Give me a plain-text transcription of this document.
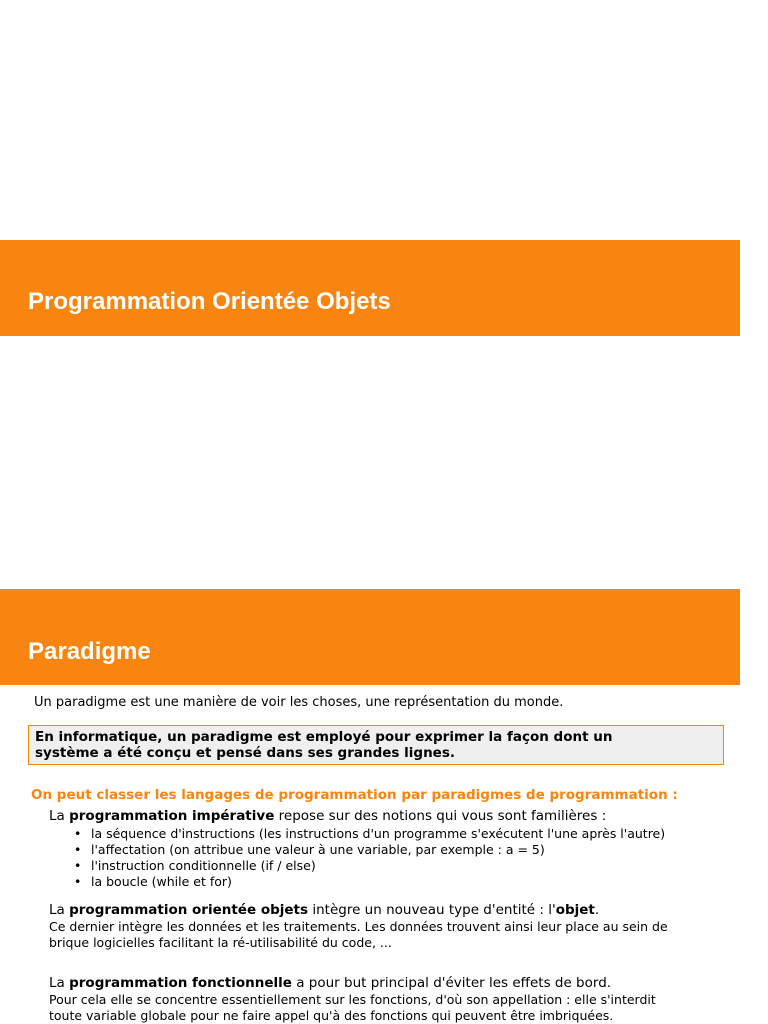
Programmation Orientée Objets
Paradigme
Un paradigme est une manière de voir les choses, une représentation du monde.
En informatique, un paradigme est employé pour exprimer la façon dont un
système a été conçu et pensé dans ses grandes lignes.
On peut classer les langages de programmation par paradigmes de programmation :
La programmation impérative repose sur des notions qui vous sont familières :
• la séquence d'instructions (les instructions d'un programme s'exécutent l'une après l'autre)
• l'affectation (on attribue une valeur à une variable, par exemple : a = 5)
• l'instruction conditionnelle (if / else)
• la boucle (while et for)
La programmation orientée objets intègre un nouveau type d'entité : l'objet.
Ce dernier intègre les données et les traitements. Les données trouvent ainsi leur place au sein de
brique logicielles facilitant la ré-utilisabilité du code, ...
La programmation fonctionnelle a pour but principal d'éviter les effets de bord.
Pour cela elle se concentre essentiellement sur les fonctions, d'où son appellation : elle s'interdit
toute variable globale pour ne faire appel qu'à des fonctions qui peuvent être imbriquées.
